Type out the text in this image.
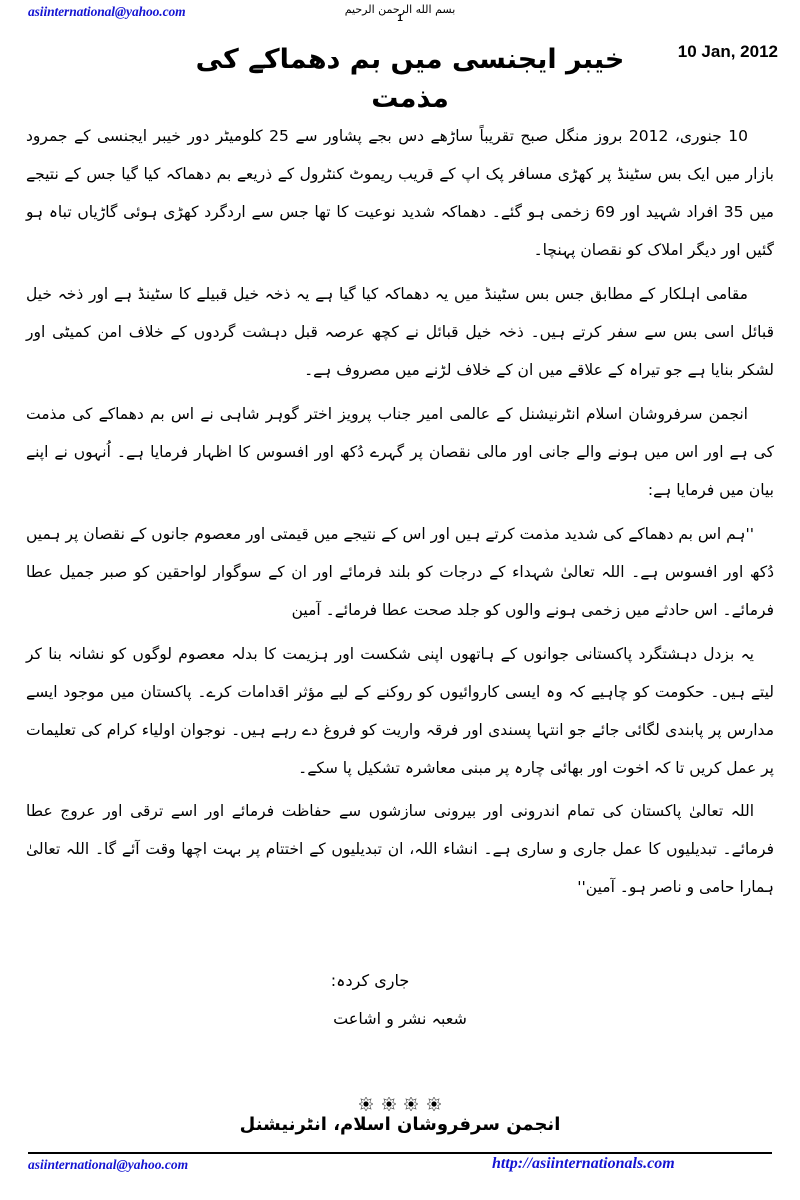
asiinternational@yahoo.com	بسم الله الرحمن الرحيم
1
10 Jan, 2012
خیبر ایجنسی میں بم دھماکے کی مذمت

10 جنوری، 2012 بروز منگل صبح تقریباً ساڑھے دس بجے پشاور سے 25 کلومیٹر دور خیبر ایجنسی کے جمرود بازار میں ایک بس سٹینڈ پر کھڑی مسافر پک اپ کے قریب ریموٹ کنٹرول کے ذریعے بم دھماکہ کیا گیا جس کے نتیجے میں 35 افراد شہید اور 69 زخمی ہو گئے۔ دھماکہ شدید نوعیت کا تھا جس سے اردگرد کھڑی ہوئی گاڑیاں تباہ ہو گئیں اور دیگر املاک کو نقصان پہنچا۔

مقامی اہلکار کے مطابق جس بس سٹینڈ میں یہ دھماکہ کیا گیا ہے یہ ذخہ خیل قبیلے کا سٹینڈ ہے اور ذخہ خیل قبائل اسی بس سے سفر کرتے ہیں۔ ذخہ خیل قبائل نے کچھ عرصہ قبل دہشت گردوں کے خلاف امن کمیٹی اور لشکر بنایا ہے جو تیراہ کے علاقے میں ان کے خلاف لڑنے میں مصروف ہے۔

انجمن سرفروشان اسلام انٹرنیشنل کے عالمی امیر جناب پرویز اختر گوہر شاہی نے اس بم دھماکے کی مذمت کی ہے اور اس میں ہونے والے جانی اور مالی نقصان پر گہرے دُکھ اور افسوس کا اظہار فرمایا ہے۔ اُنہوں نے اپنے بیان میں فرمایا ہے:

''ہم اس بم دھماکے کی شدید مذمت کرتے ہیں اور اس کے نتیجے میں قیمتی اور معصوم جانوں کے نقصان پر ہمیں دُکھ اور افسوس ہے۔ اللہ تعالیٰ شہداء کے درجات کو بلند فرمائے اور ان کے سوگوار لواحقین کو صبر جمیل عطا فرمائے۔ اس حادثے میں زخمی ہونے والوں کو جلد صحت عطا فرمائے۔ آمین

یہ بزدل دہشتگرد پاکستانی جوانوں کے ہاتھوں اپنی شکست اور ہزیمت کا بدلہ معصوم لوگوں کو نشانہ بنا کر لیتے ہیں۔ حکومت کو چاہیے کہ وہ ایسی کاروائیوں کو روکنے کے لیے مؤثر اقدامات کرے۔ پاکستان میں موجود ایسے مدارس پر پابندی لگائی جائے جو انتہا پسندی اور فرقہ واریت کو فروغ دے رہے ہیں۔ نوجوان اولیاء کرام کی تعلیمات پر عمل کریں تا کہ اخوت اور بھائی چارہ پر مبنی معاشرہ تشکیل پا سکے۔

اللہ تعالیٰ پاکستان کی تمام اندرونی اور بیرونی سازشوں سے حفاظت فرمائے اور اسے ترقی اور عروج عطا فرمائے۔ تبدیلیوں کا عمل جاری و ساری ہے۔ انشاء اللہ، ان تبدیلیوں کے اختتام پر بہت اچھا وقت آئے گا۔ اللہ تعالیٰ ہمارا حامی و ناصر ہو۔ آمین''

جاری کردہ:
شعبہ نشر و اشاعت

انجمن سرفروشان اسلام، انٹرنیشنل
asiinternational@yahoo.com	http://asiinternationals.com
